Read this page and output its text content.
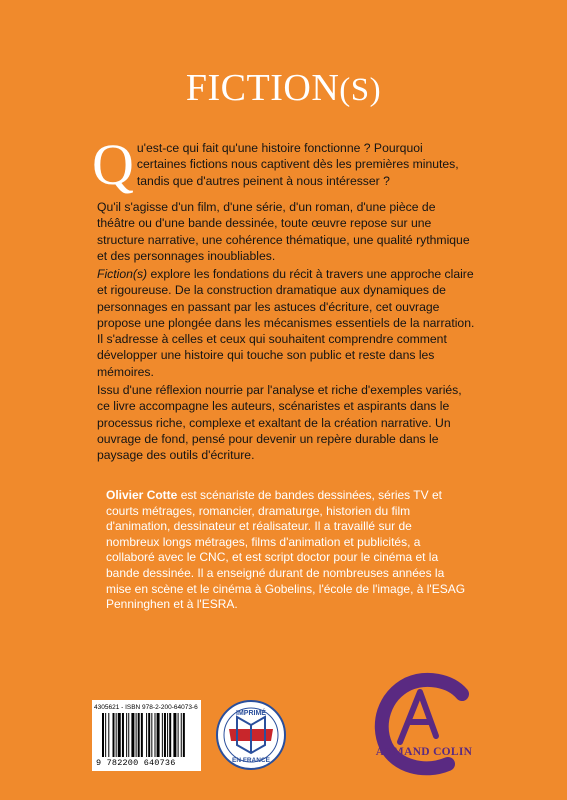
FICTION(S)
Qu'est-ce qui fait qu'une histoire fonctionne ? Pourquoi certaines fictions nous captivent dès les premières minutes, tandis que d'autres peinent à nous intéresser ?
Qu'il s'agisse d'un film, d'une série, d'un roman, d'une pièce de théâtre ou d'une bande dessinée, toute œuvre repose sur une structure narrative, une cohérence thématique, une qualité rythmique et des personnages inoubliables.
Fiction(s) explore les fondations du récit à travers une approche claire et rigoureuse. De la construction dramatique aux dynamiques de personnages en passant par les astuces d'écriture, cet ouvrage propose une plongée dans les mécanismes essentiels de la narration. Il s'adresse à celles et ceux qui souhaitent comprendre comment développer une histoire qui touche son public et reste dans les mémoires.
Issu d'une réflexion nourrie par l'analyse et riche d'exemples variés, ce livre accompagne les auteurs, scénaristes et aspirants dans le processus riche, complexe et exaltant de la création narrative. Un ouvrage de fond, pensé pour devenir un repère durable dans le paysage des outils d'écriture.
Olivier Cotte est scénariste de bandes dessinées, séries TV et courts métrages, romancier, dramaturge, historien du film d'animation, dessinateur et réalisateur. Il a travaillé sur de nombreux longs métrages, films d'animation et publicités, a collaboré avec le CNC, et est script doctor pour le cinéma et la bande dessinée. Il a enseigné durant de nombreuses années la mise en scène et le cinéma à Gobelins, l'école de l'image, à l'ESAG Penninghen et à l'ESRA.
4305621 - ISBN 978-2-200-64073-6
9 782200 640736
IMPRIMÉ
EN FRANCE
ARMAND COLIN
